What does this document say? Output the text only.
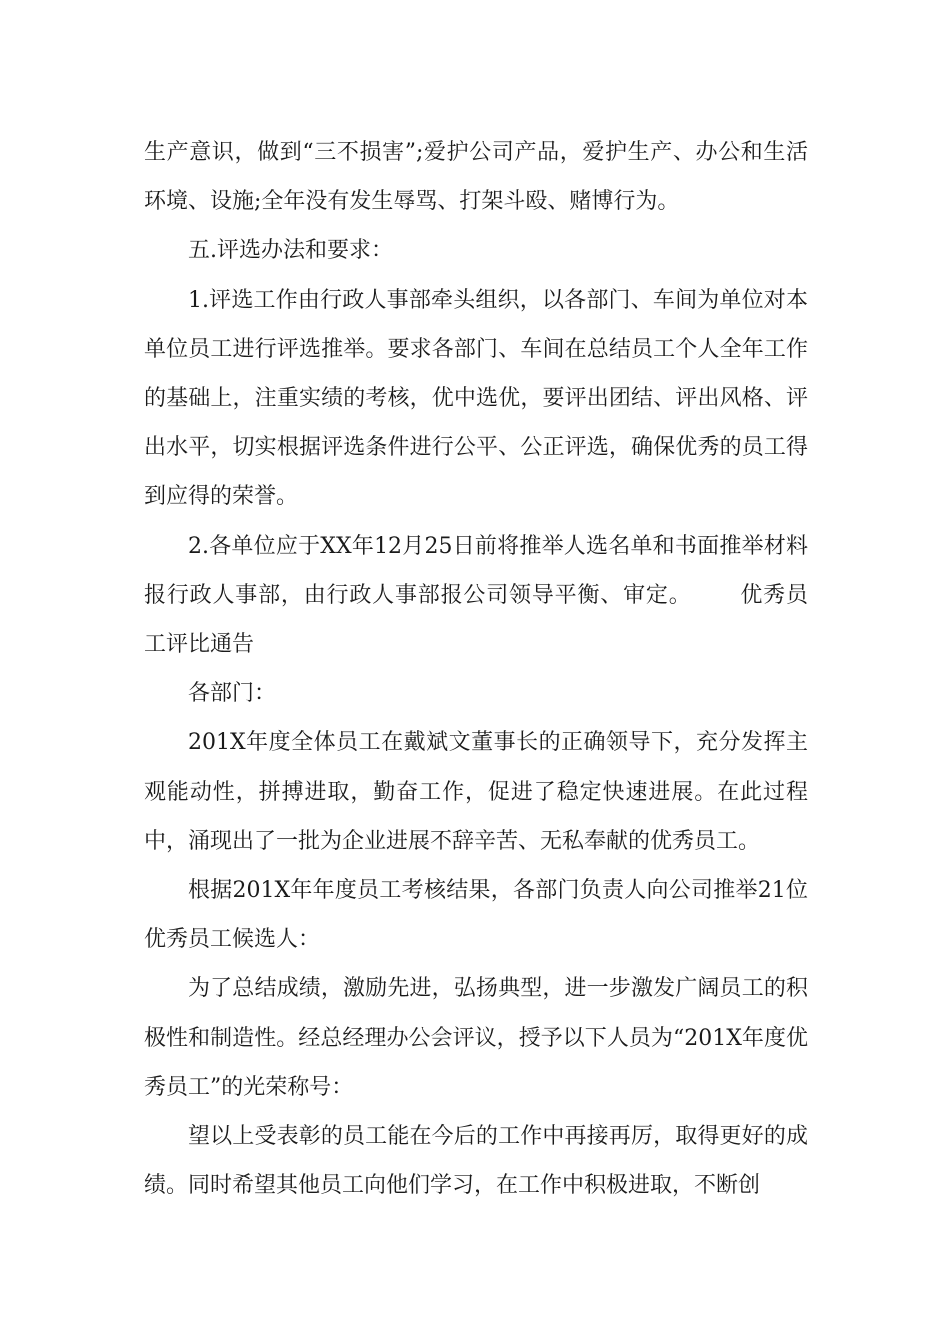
生产意识，做到“三不损害”;爱护公司产品，爱护生产、办公和生活环境、设施;全年没有发生辱骂、打架斗殴、赌博行为。

五.评选办法和要求：

1.评选工作由行政人事部牵头组织，以各部门、车间为单位对本单位员工进行评选推举。要求各部门、车间在总结员工个人全年工作的基础上，注重实绩的考核，优中选优，要评出团结、评出风格、评出水平，切实根据评选条件进行公平、公正评选，确保优秀的员工得到应得的荣誉。

2.各单位应于XX年12月25日前将推举人选名单和书面推举材料报行政人事部，由行政人事部报公司领导平衡、审定。 优秀员工评比通告

各部门：

201X年度全体员工在戴斌文董事长的正确领导下，充分发挥主观能动性，拼搏进取，勤奋工作，促进了稳定快速进展。在此过程中，涌现出了一批为企业进展不辞辛苦、无私奉献的优秀员工。

根据201X年年度员工考核结果，各部门负责人向公司推举21位优秀员工候选人：

为了总结成绩，激励先进，弘扬典型，进一步激发广阔员工的积极性和制造性。经总经理办公会评议，授予以下人员为“201X年度优秀员工”的光荣称号：

望以上受表彰的员工能在今后的工作中再接再厉，取得更好的成绩。同时希望其他员工向他们学习，在工作中积极进取，不断创
